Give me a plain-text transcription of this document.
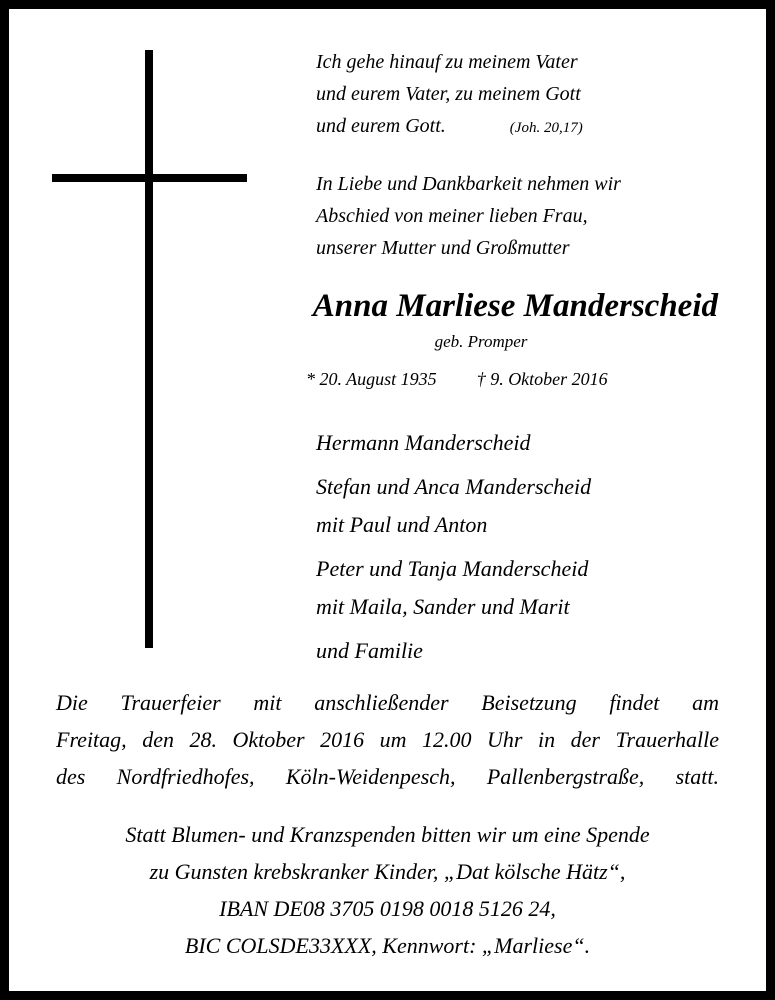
Ich gehe hinauf zu meinem Vater
und eurem Vater, zu meinem Gott
und eurem Gott.	(Joh. 20,17)
In Liebe und Dankbarkeit nehmen wir
Abschied von meiner lieben Frau,
unserer Mutter und Großmutter
Anna Marliese Manderscheid
geb. Promper
* 20. August 1935 † 9. Oktober 2016
Hermann Manderscheid
Stefan und Anca Manderscheid
mit Paul und Anton
Peter und Tanja Manderscheid
mit Maila, Sander und Marit
und Familie
Die Trauerfeier mit anschließender Beisetzung findet am
Freitag, den 28. Oktober 2016 um 12.00 Uhr in der Trauerhalle
des Nordfriedhofes, Köln-Weidenpesch, Pallenbergstraße, statt.
Statt Blumen- und Kranzspenden bitten wir um eine Spende
zu Gunsten krebskranker Kinder, „Dat kölsche Hätz“,
IBAN DE08 3705 0198 0018 5126 24,
BIC COLSDE33XXX, Kennwort: „Marliese“.
